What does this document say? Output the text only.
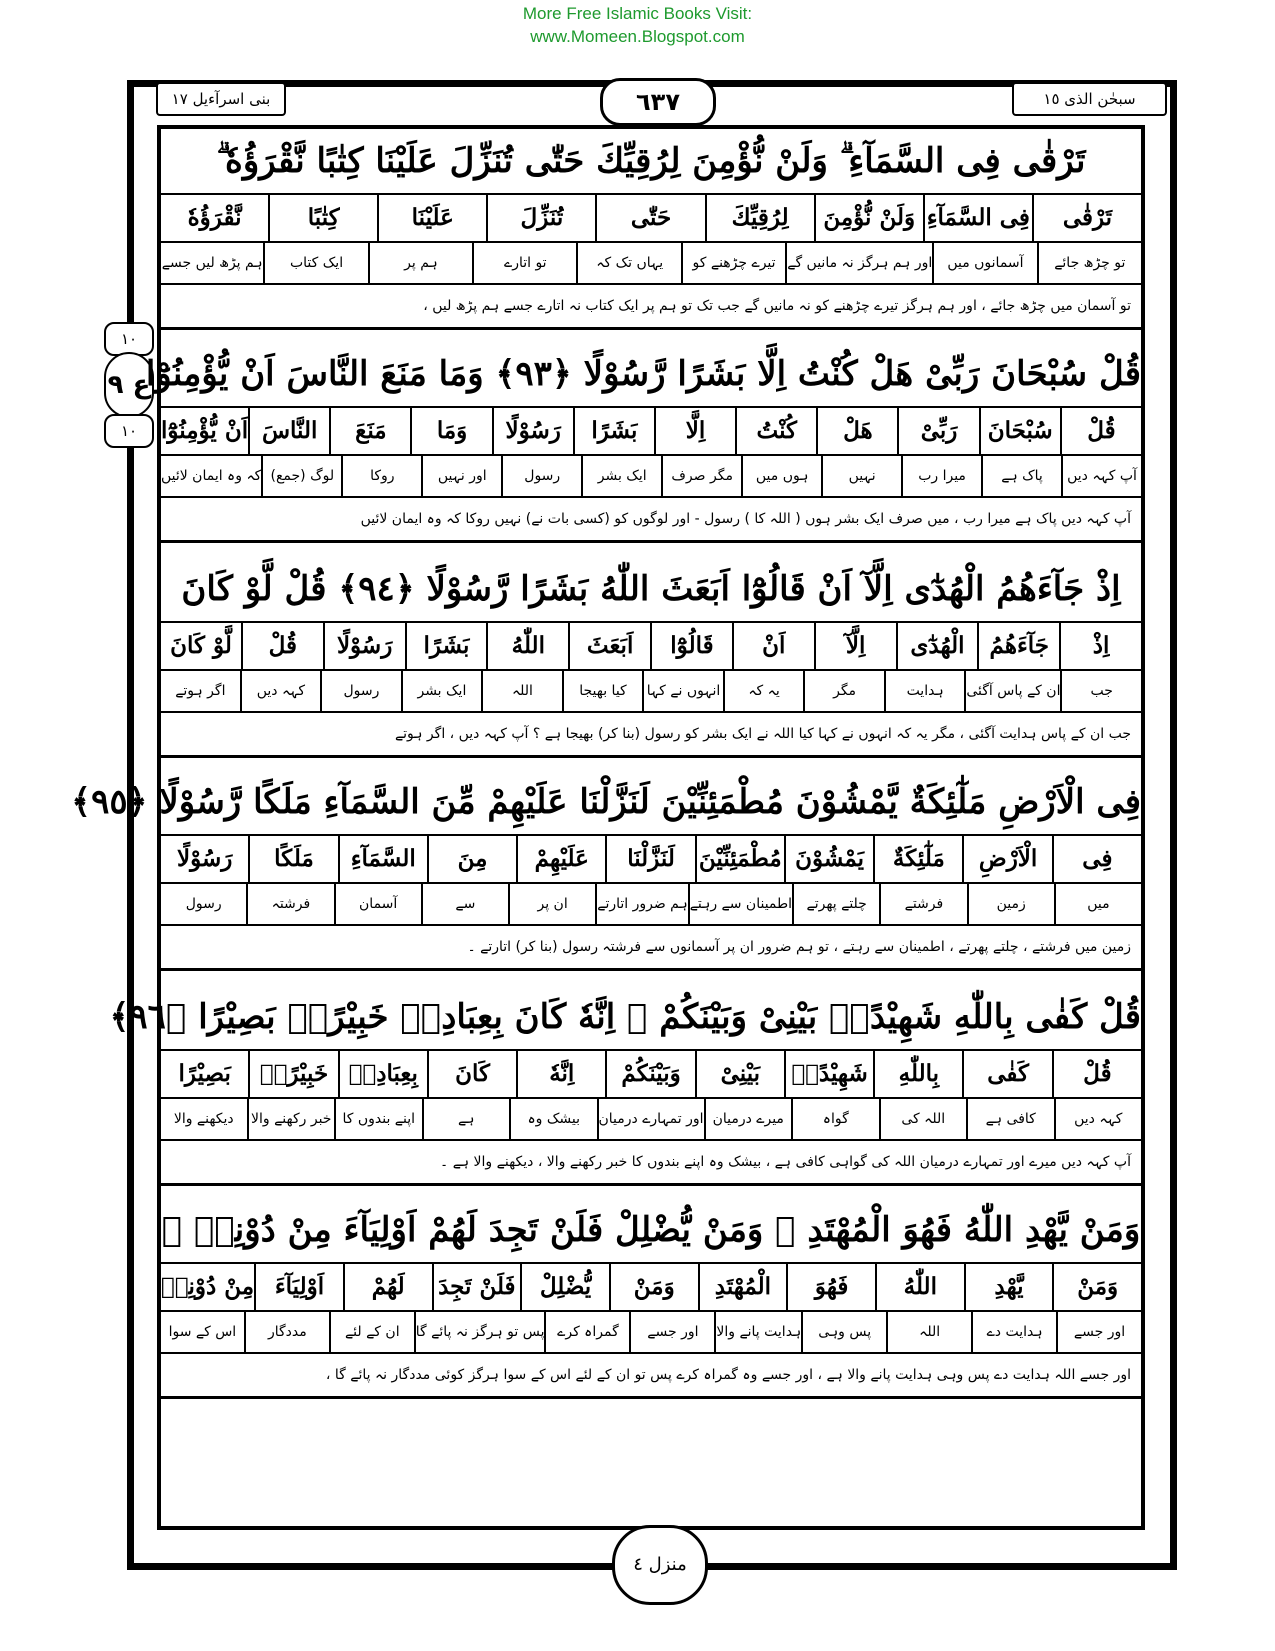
More Free Islamic Books Visit:
www.Momeen.Blogspot.com
سبحٰن الذی ١٥
بنی اسرآءیل ١٧	٦٣٧
١٠
ع ٩
١٠
تَرْقٰى فِى السَّمَآءِ ۗ وَلَنْ نُّؤْمِنَ لِرُقِيِّكَ حَتّٰى تُنَزِّلَ عَلَيْنَا كِتٰبًا نَّقْرَؤُهٗ ۗ
تَرْقٰى
فِى السَّمَآءِ
وَلَنْ نُّؤْمِنَ
لِرُقِيِّكَ
حَتّٰى
تُنَزِّلَ
عَلَيْنَا
كِتٰبًا
نَّقْرَؤُهٗ
تو چڑھ جائے
آسمانوں میں
اور ہم ہرگز نہ مانیں گے
تیرے چڑھنے کو
یہاں تک کہ
تو اتارے
ہم پر
ایک کتاب
ہم پڑھ لیں جسے
تو آسمان میں چڑھ جائے ، اور ہم ہرگز تیرے چڑھنے کو نہ مانیں گے جب تک تو ہم پر ایک کتاب نہ اتارے جسے ہم پڑھ لیں ،
قُلْ سُبْحَانَ رَبِّىْ هَلْ كُنْتُ اِلَّا بَشَرًا رَّسُوْلًا ﴿٩٣﴾ وَمَا مَنَعَ النَّاسَ اَنْ يُّؤْمِنُوْٓا
قُلْ
سُبْحَانَ
رَبِّىْ
هَلْ
كُنْتُ
اِلَّا
بَشَرًا
رَسُوْلًا
وَمَا
مَنَعَ
النَّاسَ
اَنْ يُّؤْمِنُوْٓا
آپ کہہ دیں
پاک ہے
میرا رب
نہیں
ہوں میں
مگر صرف
ایک بشر
رسول
اور نہیں
روکا
لوگ (جمع)
کہ وہ ایمان لائیں
آپ کہہ دیں پاک ہے میرا رب ، میں صرف ایک بشر ہوں ( اللہ کا ) رسول - اور لوگوں کو (کسی بات نے) نہیں روکا کہ وہ ایمان لائیں
اِذْ جَآءَهُمُ الْهُدٰٓى اِلَّآ اَنْ قَالُوْٓا اَبَعَثَ اللّٰهُ بَشَرًا رَّسُوْلًا ﴿٩٤﴾ قُلْ لَّوْ كَانَ
اِذْ
جَآءَهُمُ
الْهُدٰٓى
اِلَّآ
اَنْ
قَالُوْٓا
اَبَعَثَ
اللّٰهُ
بَشَرًا
رَسُوْلًا
قُلْ
لَّوْ كَانَ
جب
ان کے پاس آگئی
ہدایت
مگر
یہ کہ
انہوں نے کہا
کیا بھیجا
اللہ
ایک بشر
رسول
کہہ دیں
اگر ہوتے
جب ان کے پاس ہدایت آگئی ، مگر یہ کہ انہوں نے کہا کیا اللہ نے ایک بشر کو رسول (بنا کر) بھیجا ہے ؟ آپ کہہ دیں ، اگر ہوتے
فِى الْاَرْضِ مَلٰٓئِكَةٌ يَّمْشُوْنَ مُطْمَئِنِّيْنَ لَنَزَّلْنَا عَلَيْهِمْ مِّنَ السَّمَآءِ مَلَكًا رَّسُوْلًا ﴿٩٥﴾
فِى
الْاَرْضِ
مَلٰٓئِكَةٌ
يَمْشُوْنَ
مُطْمَئِنِّيْنَ
لَنَزَّلْنَا
عَلَيْهِمْ
مِنَ
السَّمَآءِ
مَلَكًا
رَسُوْلًا
میں
زمین
فرشتے
چلتے پھرتے
اطمینان سے رہتے
ہم ضرور اتارتے
ان پر
سے
آسمان
فرشتہ
رسول
زمین میں فرشتے ، چلتے پھرتے ، اطمینان سے رہتے ، تو ہم ضرور ان پر آسمانوں سے فرشتہ رسول (بنا کر) اتارتے ۔
قُلْ كَفٰى بِاللّٰهِ شَهِيْدًاۢ بَيْنِىْ وَبَيْنَكُمْ ۗ اِنَّهٗ كَانَ بِعِبَادِهٖ خَبِيْرًاۢ بَصِيْرًا ﴿٩٦﴾
قُلْ
كَفٰى
بِاللّٰهِ
شَهِيْدًاۢ
بَيْنِىْ
وَبَيْنَكُمْ
اِنَّهٗ
كَانَ
بِعِبَادِهٖ
خَبِيْرًاۢ
بَصِيْرًا
کہہ دیں
کافی ہے
اللہ کی
گواہ
میرے درمیان
اور تمہارے درمیان
بیشک وہ
ہے
اپنے بندوں کا
خبر رکھنے والا
دیکھنے والا
آپ کہہ دیں میرے اور تمہارے درمیان اللہ کی گواہی کافی ہے ، بیشک وہ اپنے بندوں کا خبر رکھنے والا ، دیکھنے والا ہے ۔
وَمَنْ يَّهْدِ اللّٰهُ فَهُوَ الْمُهْتَدِ ۚ وَمَنْ يُّضْلِلْ فَلَنْ تَجِدَ لَهُمْ اَوْلِيَآءَ مِنْ دُوْنِهٖ ۗ
وَمَنْ
يَّهْدِ
اللّٰهُ
فَهُوَ
الْمُهْتَدِ
وَمَنْ
يُّضْلِلْ
فَلَنْ تَجِدَ
لَهُمْ
اَوْلِيَآءَ
مِنْ دُوْنِهٖ
اور جسے
ہدایت دے
اللہ
پس وہی
ہدایت پانے والا
اور جسے
گمراہ کرے
پس تو ہرگز نہ پائے گا
ان کے لئے
مددگار
اس کے سوا
اور جسے اللہ ہدایت دے پس وہی ہدایت پانے والا ہے ، اور جسے وہ گمراہ کرے پس تو ان کے لئے اس کے سوا ہرگز کوئی مددگار نہ پائے گا ،
منزل ٤
